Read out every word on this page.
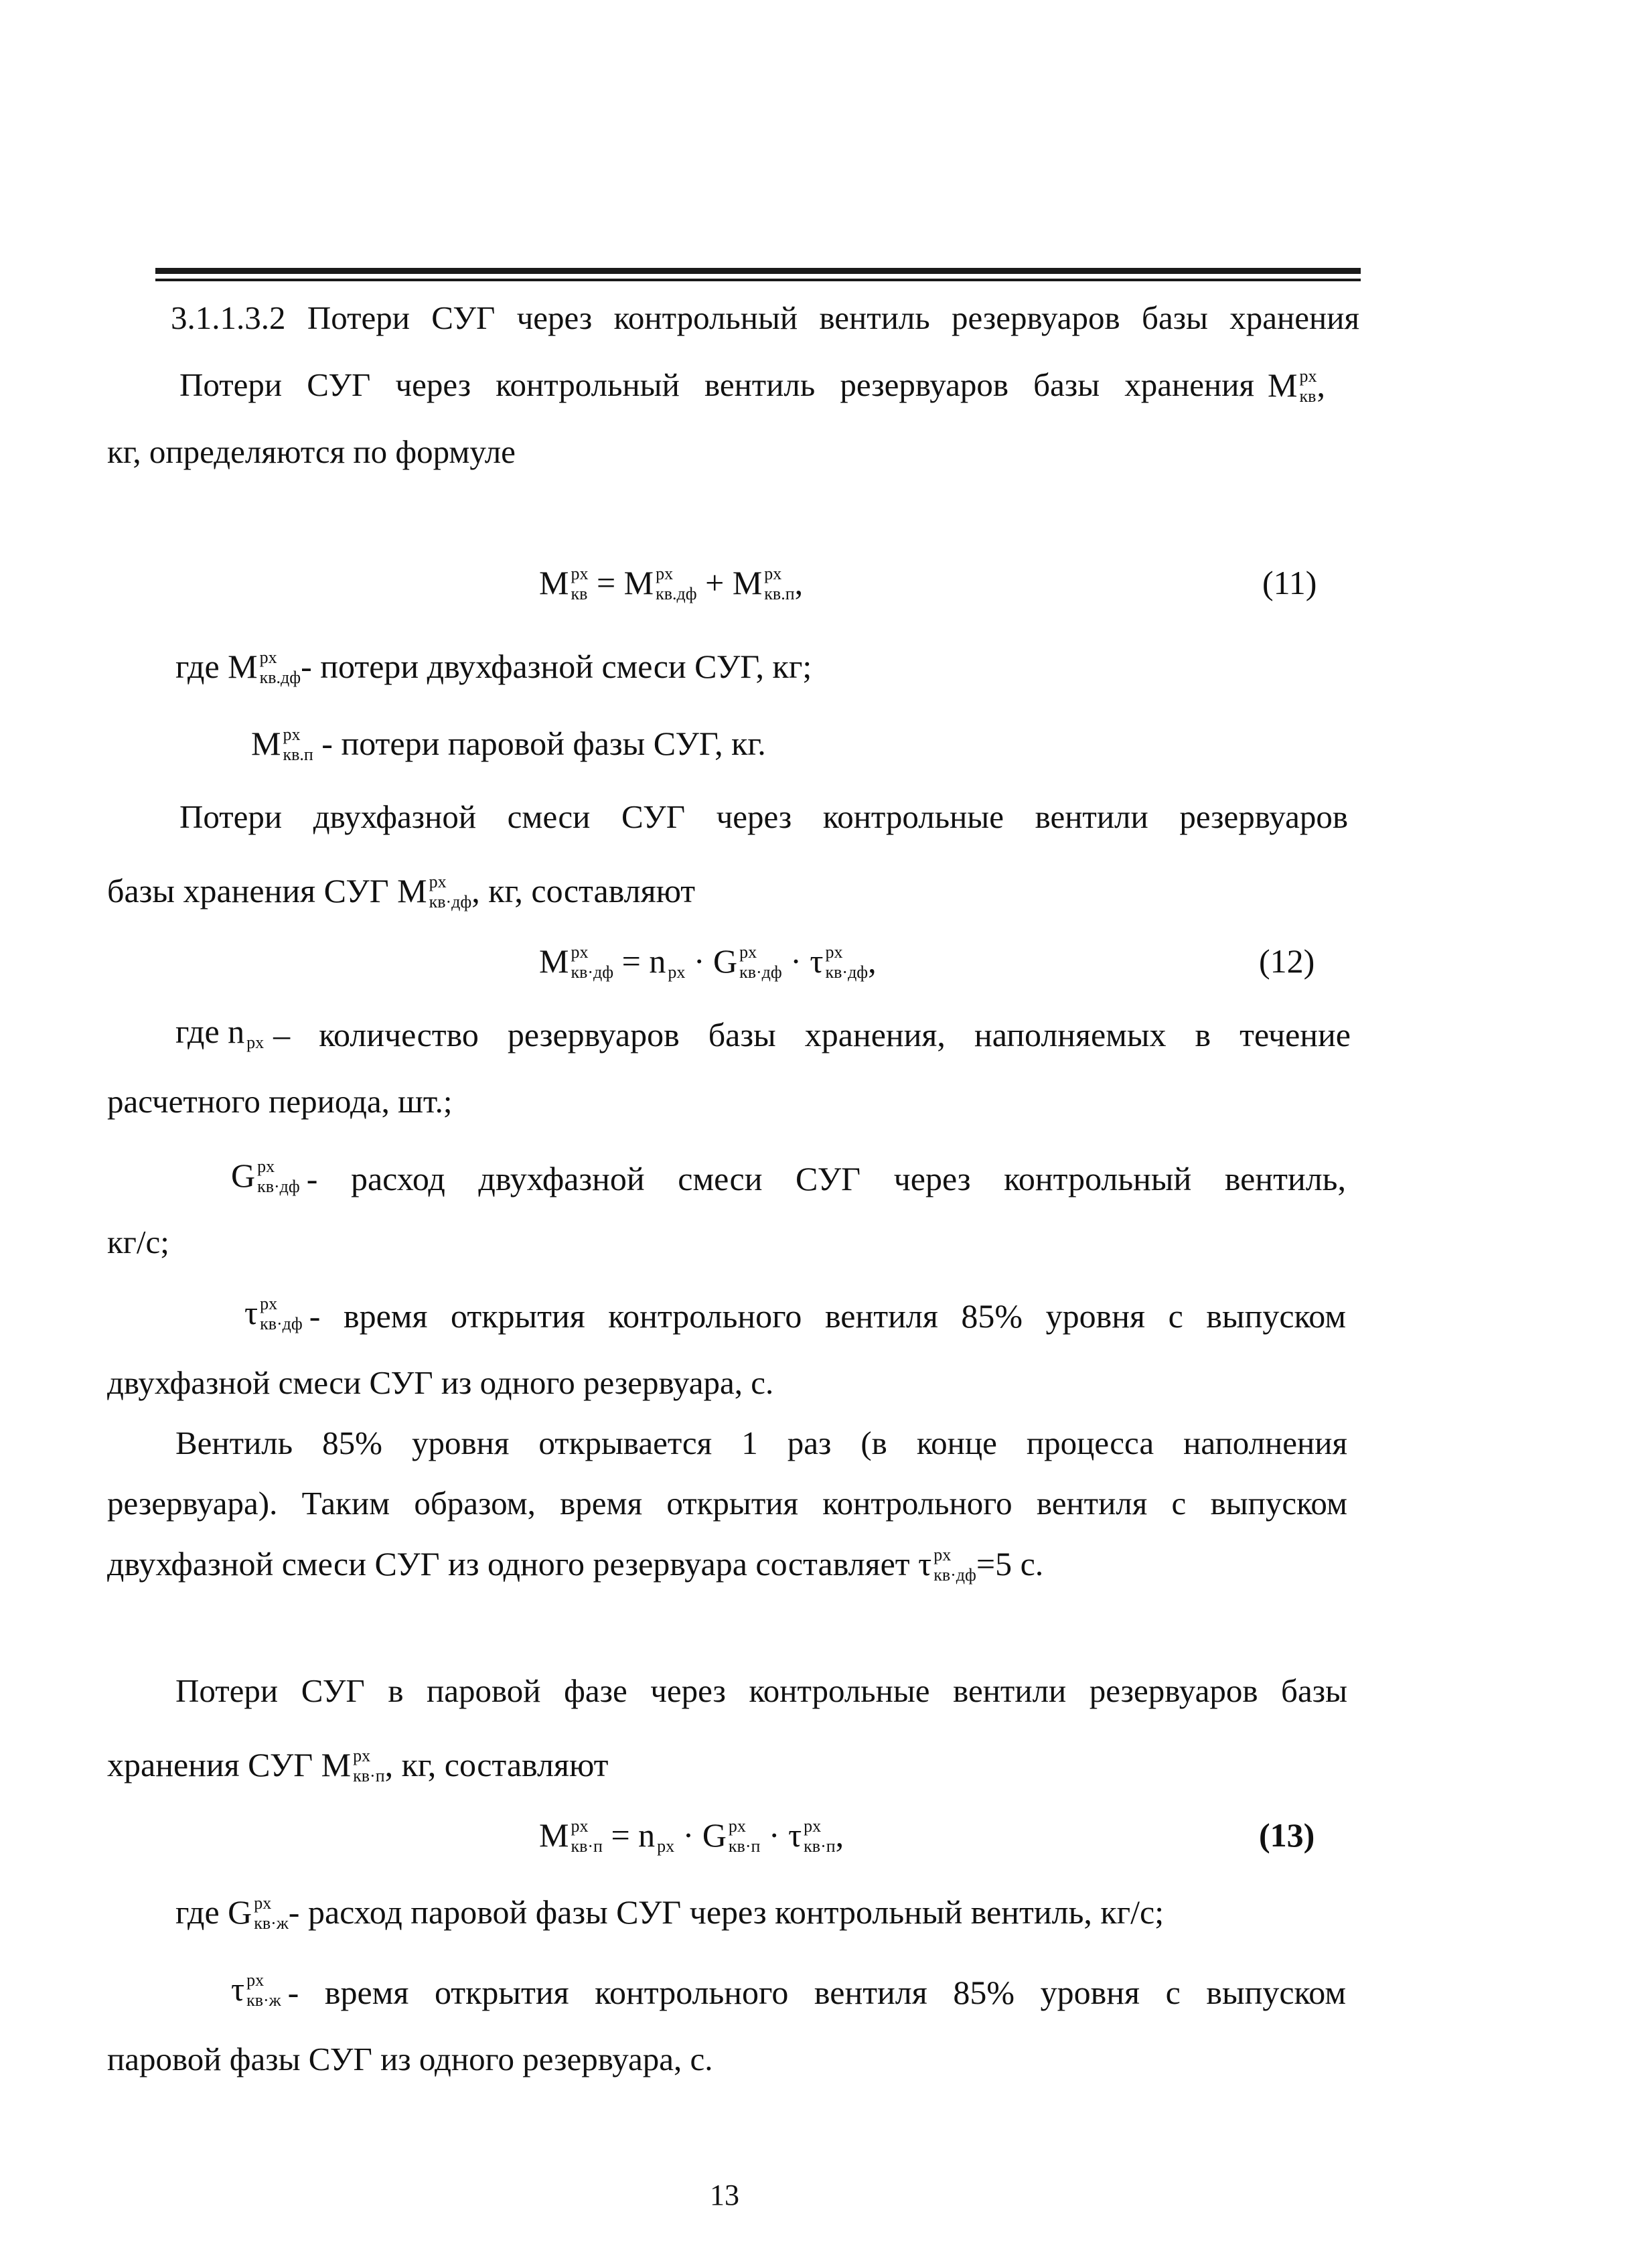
3.1.1.3.2 Потери СУГ через контрольный вентиль резервуаров базы хранения

Потери СУГ через контрольный вентиль резервуаров базы хранения M px
кв ,

кг, определяются по формуле

M px
кв = M px
кв.дф + M px
кв.п ,	(11)
где M px
кв.дф - потери двухфазной смеси СУГ, кг;
M px
кв.п - потери паровой фазы СУГ, кг.

Потери двухфазной смеси СУГ через контрольные вентили резервуаров

базы хранения СУГ M px
кв·дф , кг, составляют
M px
кв·дф = n
px · G px
кв·дф · τ px
кв·дф ,	(12)
где n
px – количество резервуаров базы хранения, наполняемых в течение

расчетного периода, шт.;

G px
кв·дф - расход двухфазной смеси СУГ через контрольный вентиль,

кг/с;

τ px
кв·дф - время открытия контрольного вентиля 85% уровня с выпуском

двухфазной смеси СУГ из одного резервуара, с.

Вентиль 85% уровня открывается 1 раз (в конце процесса наполнения

резервуара). Таким образом, время открытия контрольного вентиля с выпуском

двухфазной смеси СУГ из одного резервуара составляет τ px
кв·дф =5 с.

Потери СУГ в паровой фазе через контрольные вентили резервуаров базы

хранения СУГ M px
кв·п , кг, составляют
M px
кв·п = n
px · G px
кв·п · τ px
кв·п ,	(13)
где G px
кв·ж - расход паровой фазы СУГ через контрольный вентиль, кг/с;
τ px
кв·ж - время открытия контрольного вентиля 85% уровня с выпуском

паровой фазы СУГ из одного резервуара, с.

13
